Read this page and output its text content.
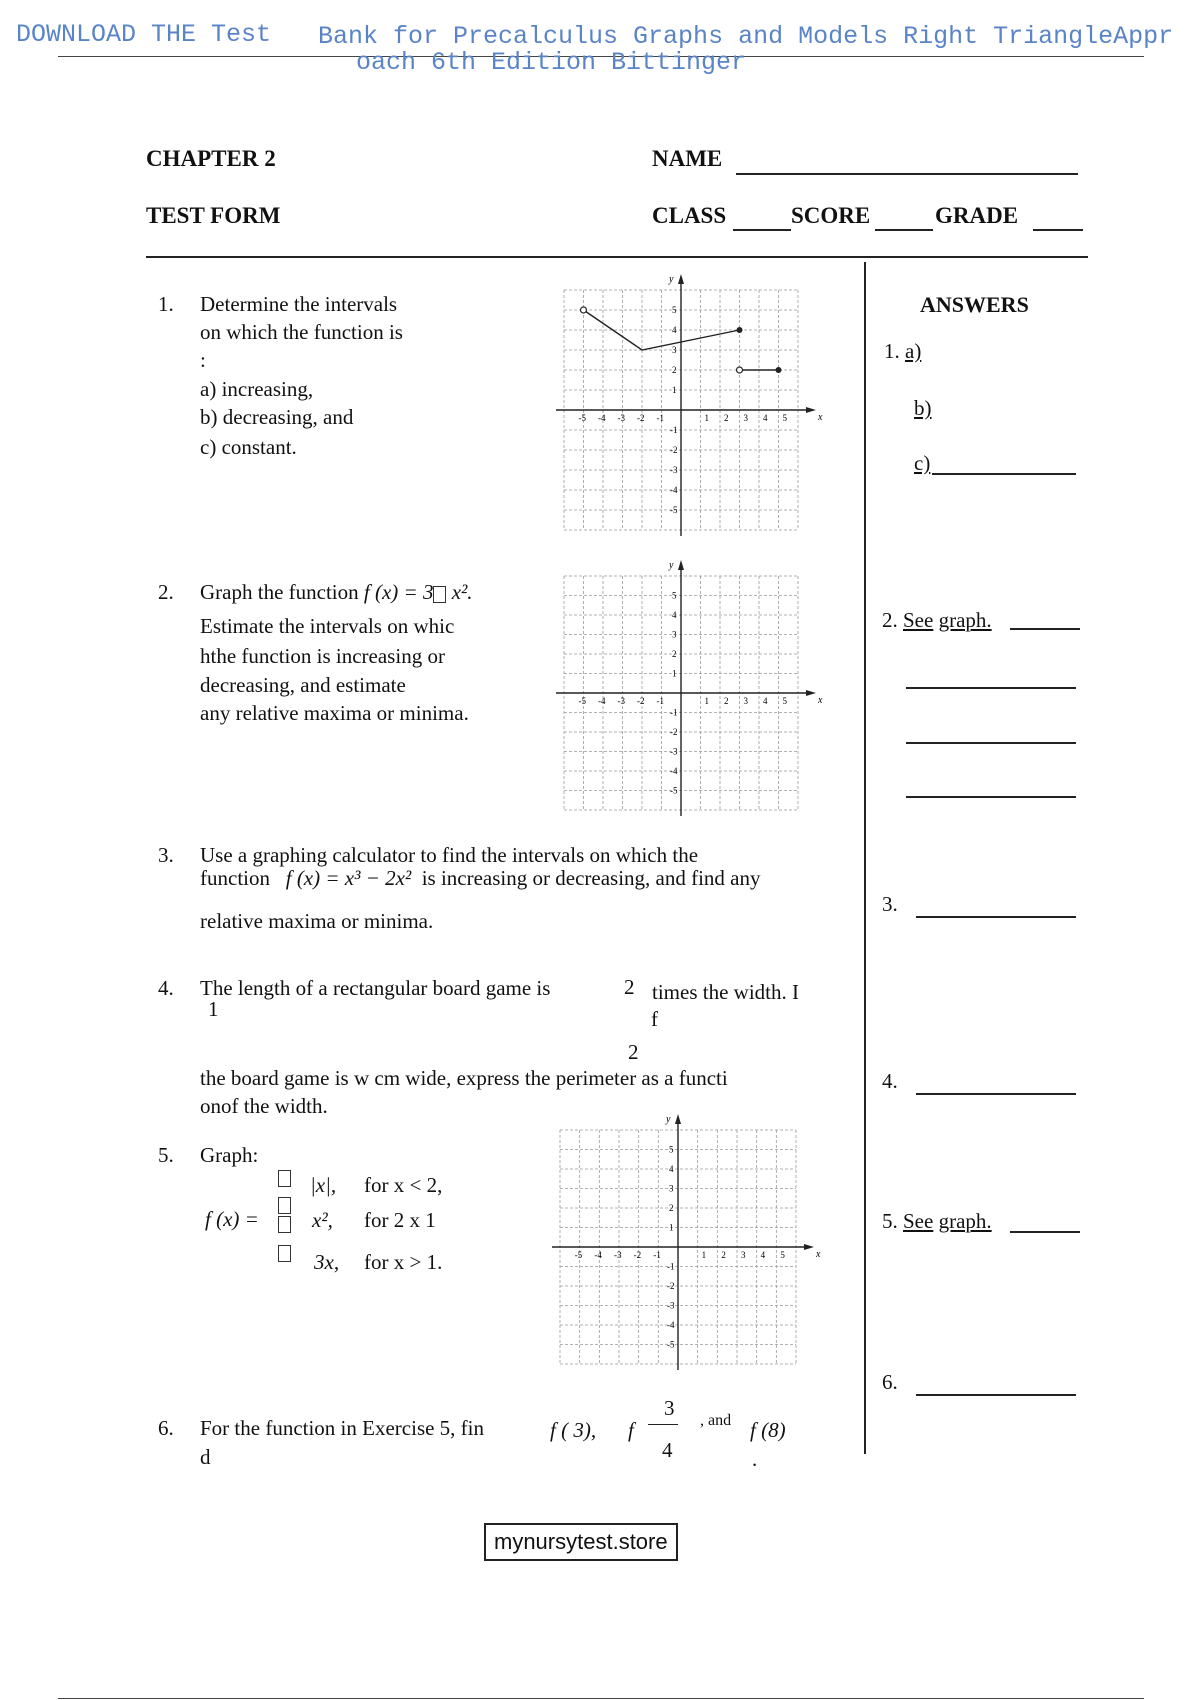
DOWNLOAD THE Test Bank for Precalculus Graphs and Models Right TriangleAppr
oach 6th Edition Bittinger
CHAPTER 2
TEST FORM
NAME
CLASS	SCORE	GRADE
ANSWERS
1. a)
b)
c)
2. See graph.
3.
4.
5. See graph.
6.
1. Determine the intervals
on which the function is
:
a) increasing,
b) decreasing, and
c) constant.
x
y
-5 -4 -3 -2 -1	1 2 3 4 5
5
4
3
2
1
-1
-2
-3
-4
-5
2. Graph the function f (x) = 3 x².
Estimate the intervals on whic
hthe function is increasing or
decreasing, and estimate
any relative maxima or minima.
x
y
-5 -4 -3 -2 -1	1 2 3 4 5
5
4
3
2
1
-1
-2
-3
-4
-5
3. Use a graphing calculator to find the intervals on which the
function f (x) = x³ − 2x² is increasing or decreasing, and find any
relative maxima or minima.
4. The length of a rectangular board game is	2
1
times the width. I
f
2
the board game is w cm wide, express the perimeter as a functi
onof the width.
5. Graph:
f (x) =
|x|, for x < 2,
x², for 2 x 1
3x, for x > 1.	x
y
-5 -4 -3 -2 -1	1 2 3 4 5
5
4
3
2
1
-1
-2
-3
-4
-5
6. For the function in Exercise 5, fin
d
f ( 3), f
3
4
, and f (8)
.
mynursytest.store
